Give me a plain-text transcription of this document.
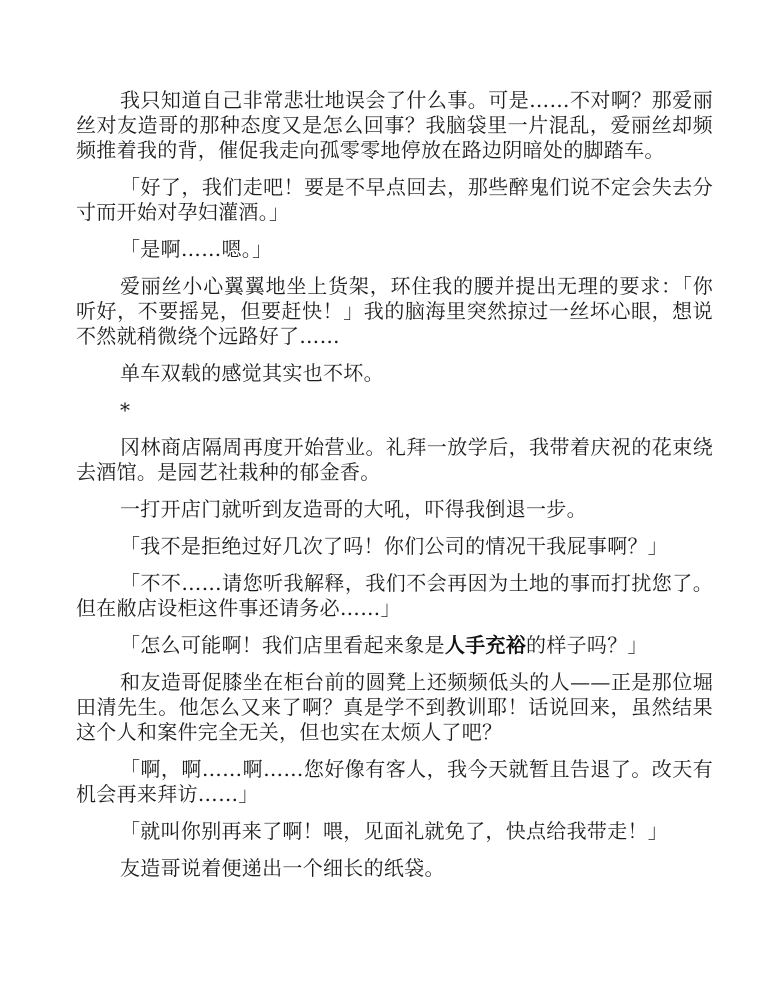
我只知道自己非常悲壮地误会了什么事。可是……不对啊？那爱丽丝对友造哥的那种态度又是怎么回事？我脑袋里一片混乱，爱丽丝却频频推着我的背，催促我走向孤零零地停放在路边阴暗处的脚踏车。

「好了，我们走吧！要是不早点回去，那些醉鬼们说不定会失去分寸而开始对孕妇灌酒。」

「是啊……嗯。」

爱丽丝小心翼翼地坐上货架，环住我的腰并提出无理的要求：「你听好，不要摇晃，但要赶快！」我的脑海里突然掠过一丝坏心眼，想说不然就稍微绕个远路好了……

单车双载的感觉其实也不坏。

*

冈林商店隔周再度开始营业。礼拜一放学后，我带着庆祝的花束绕去酒馆。是园艺社栽种的郁金香。

一打开店门就听到友造哥的大吼，吓得我倒退一步。

「我不是拒绝过好几次了吗！你们公司的情况干我屁事啊？」

「不不……请您听我解释，我们不会再因为土地的事而打扰您了。但在敝店设柜这件事还请务必……」

「怎么可能啊！我们店里看起来象是人手充裕的样子吗？」

和友造哥促膝坐在柜台前的圆凳上还频频低头的人——正是那位堀田清先生。他怎么又来了啊？真是学不到教训耶！话说回来，虽然结果这个人和案件完全无关，但也实在太烦人了吧？

「啊，啊……啊……您好像有客人，我今天就暂且告退了。改天有机会再来拜访……」

「就叫你别再来了啊！喂，见面礼就免了，快点给我带走！」

友造哥说着便递出一个细长的纸袋。
